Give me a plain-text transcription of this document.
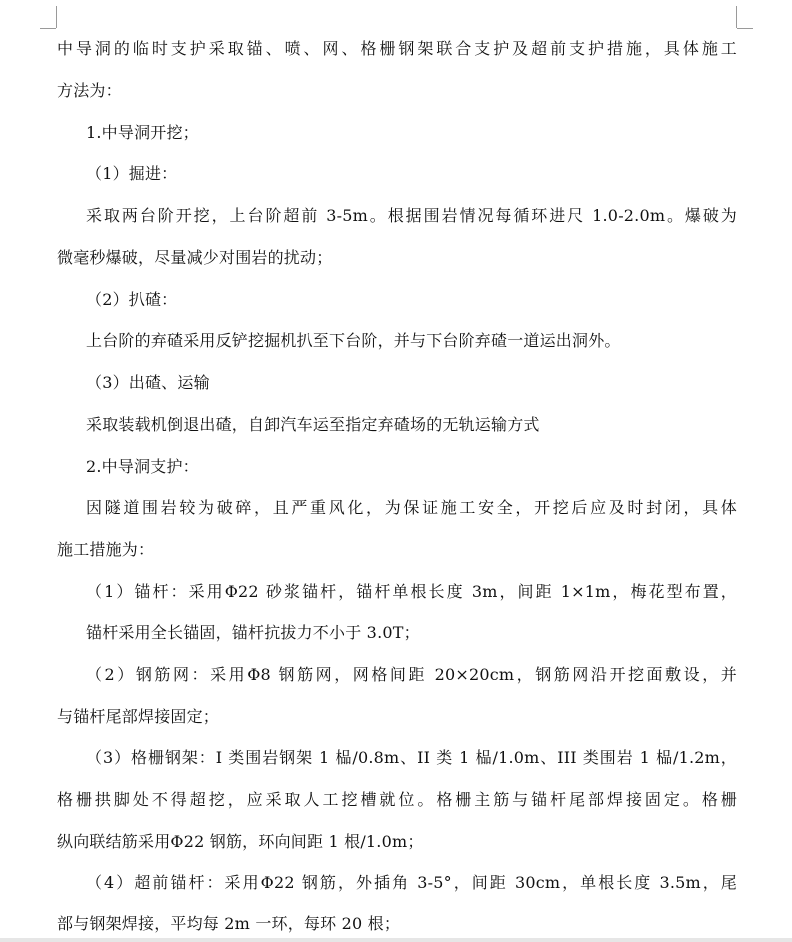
中导洞的临时支护采取锚、喷、网、格栅钢架联合支护及超前支护措施，具体施工
方法为：
1.中导洞开挖；
（1）掘进：
采取两台阶开挖，上台阶超前 3-5m。根据围岩情况每循环进尺 1.0-2.0m。爆破为
微毫秒爆破，尽量减少对围岩的扰动；
（2）扒碴：
上台阶的弃碴采用反铲挖掘机扒至下台阶，并与下台阶弃碴一道运出洞外。
（3）出碴、运输
采取装载机倒退出碴，自卸汽车运至指定弃碴场的无轨运输方式
2.中导洞支护：
因隧道围岩较为破碎，且严重风化，为保证施工安全，开挖后应及时封闭，具体
施工措施为：
（1）锚杆：采用Φ22 砂浆锚杆，锚杆单根长度 3m，间距 1×1m，梅花型布置，
锚杆采用全长锚固，锚杆抗拔力不小于 3.0T；
（2）钢筋网：采用Φ8 钢筋网，网格间距 20×20cm，钢筋网沿开挖面敷设，并
与锚杆尾部焊接固定；
（3）格栅钢架：I 类围岩钢架 1 榀/0.8m、II 类 1 榀/1.0m、III 类围岩 1 榀/1.2m，
格栅拱脚处不得超挖，应采取人工挖槽就位。格栅主筋与锚杆尾部焊接固定。格栅
纵向联结筋采用Φ22 钢筋，环向间距 1 根/1.0m；
（4）超前锚杆：采用Φ22 钢筋，外插角 3-5°，间距 30cm，单根长度 3.5m，尾
部与钢架焊接，平均每 2m 一环，每环 20 根；
